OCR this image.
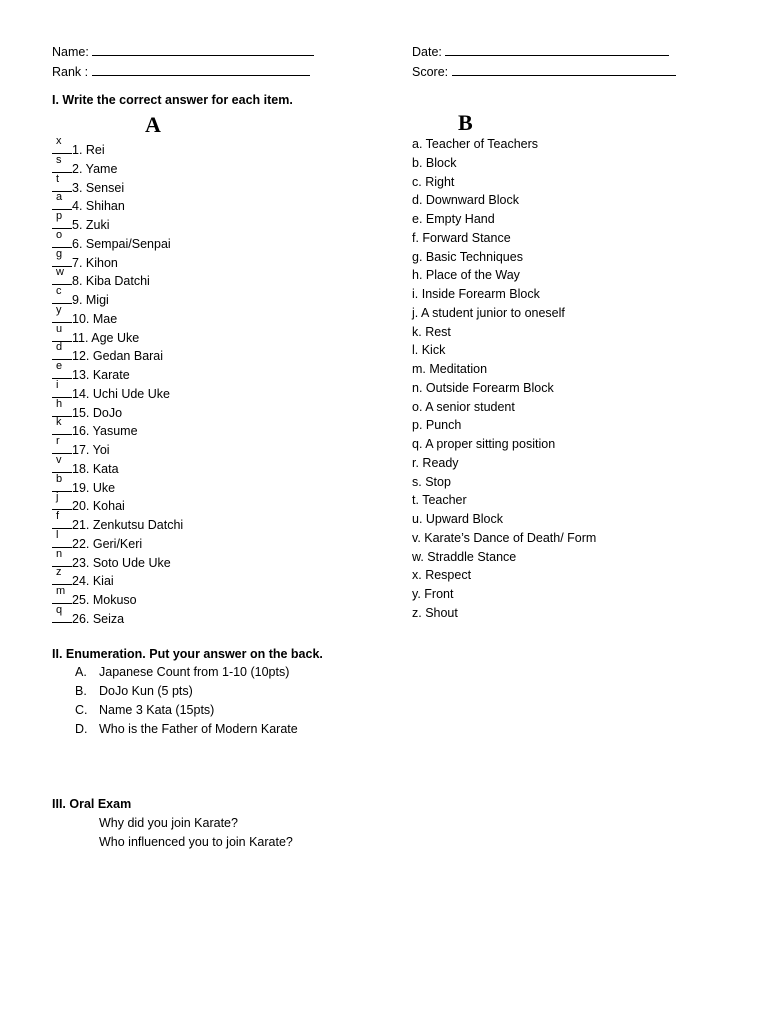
Name:
Rank :
Date:
Score:
I. Write the correct answer for each item.
A	B
x
1. Rei
s
2. Yame
t
3. Sensei
a
4. Shihan
p
5. Zuki
o
6. Sempai/Senpai
g
7. Kihon
w
8. Kiba Datchi
c
9. Migi
y
10. Mae
u
11. Age Uke
d
12. Gedan Barai
e
13. Karate
i
14. Uchi Ude Uke
h
15. DoJo
k
16. Yasume
r
17. Yoi
v
18. Kata
b
19. Uke
j
20. Kohai
f
21. Zenkutsu Datchi
l
22. Geri/Keri
n
23. Soto Ude Uke
z
24. Kiai
m
25. Mokuso
q
26. Seiza
a. Teacher of Teachers
b. Block
c. Right
d. Downward Block
e. Empty Hand
f. Forward Stance
g. Basic Techniques
h. Place of the Way
i. Inside Forearm Block
j. A student junior to oneself
k. Rest
l. Kick
m. Meditation
n. Outside Forearm Block
o. A senior student
p. Punch
q. A proper sitting position
r. Ready
s. Stop
t. Teacher
u. Upward Block
v. Karate’s Dance of Death/ Form
w. Straddle Stance
x. Respect
y. Front
z. Shout
II. Enumeration. Put your answer on the back.
A. Japanese Count from 1-10 (10pts)
B. DoJo Kun (5 pts)
C. Name 3 Kata (15pts)
D. Who is the Father of Modern Karate
III. Oral Exam
Why did you join Karate?
Who influenced you to join Karate?
